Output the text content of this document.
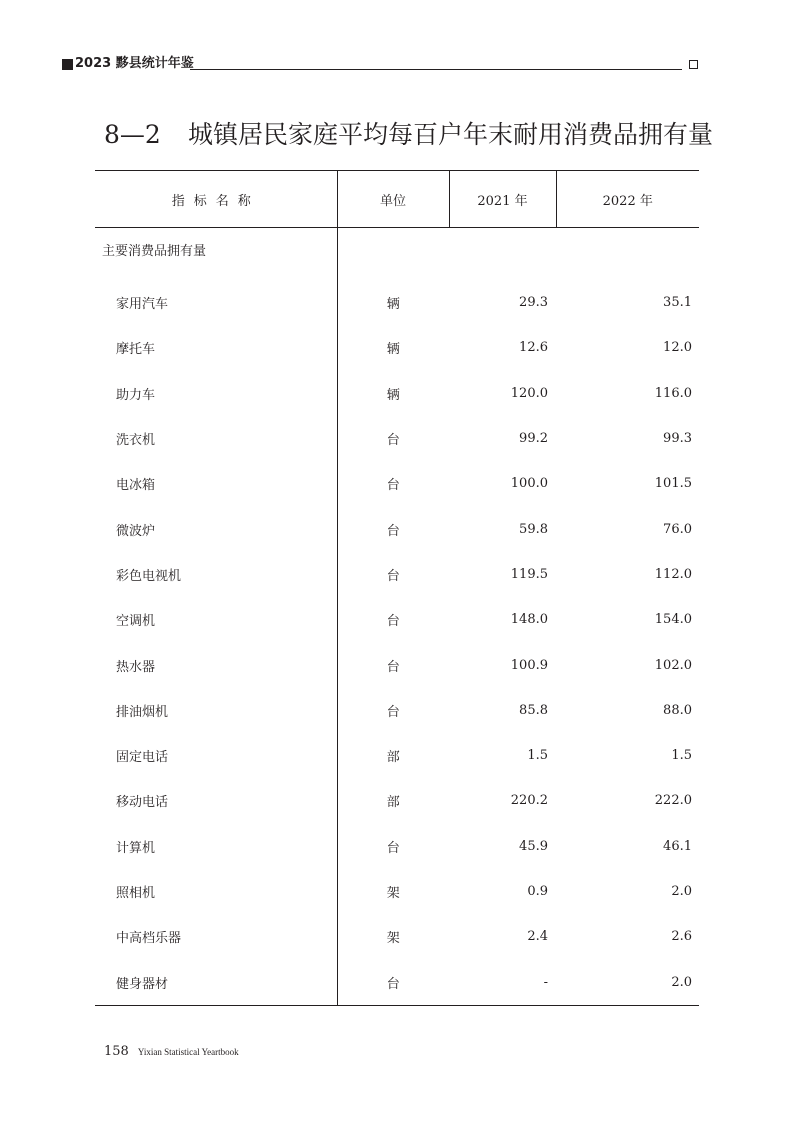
2023 黟县统计年鉴
8—2 城镇居民家庭平均每百户年末耐用消费品拥有量
指标名称	单位	2021 年	2022 年
主要消费品拥有量			
家用汽车	辆	29.3	35.1
摩托车	辆	12.6	12.0
助力车	辆	120.0	116.0
洗衣机	台	99.2	99.3
电冰箱	台	100.0	101.5
微波炉	台	59.8	76.0
彩色电视机	台	119.5	112.0
空调机	台	148.0	154.0
热水器	台	100.9	102.0
排油烟机	台	85.8	88.0
固定电话	部	1.5	1.5
移动电话	部	220.2	222.0
计算机	台	45.9	46.1
照相机	架	0.9	2.0
中高档乐器	架	2.4	2.6
健身器材	台	-	2.0
158 Yixian Statistical Yeartbook
